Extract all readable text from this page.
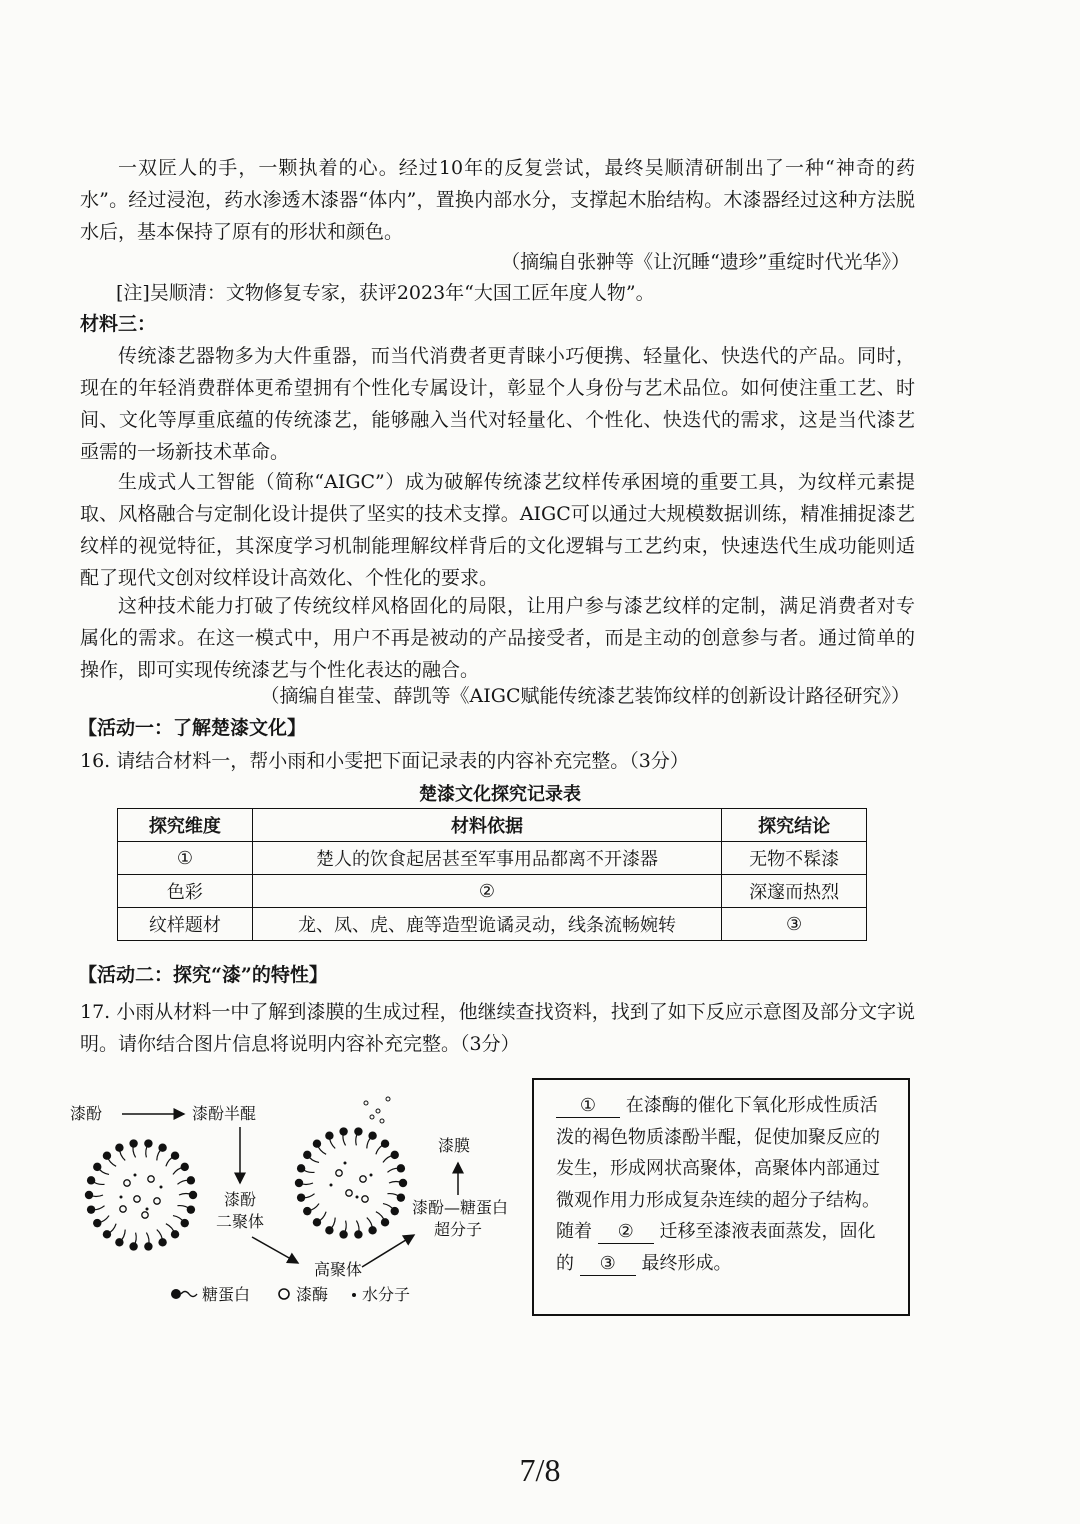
一双匠人的手，一颗执着的心。经过10年的反复尝试，最终吴顺清研制出了一种“神奇的药水”。经过浸泡，药水渗透木漆器“体内”，置换内部水分，支撑起木胎结构。木漆器经过这种方法脱水后，基本保持了原有的形状和颜色。

（摘编自张翀等《让沉睡“遗珍”重绽时代光华》）

[注]吴顺清：文物修复专家，获评2023年“大国工匠年度人物”。

材料三：

传统漆艺器物多为大件重器，而当代消费者更青睐小巧便携、轻量化、快迭代的产品。同时，现在的年轻消费群体更希望拥有个性化专属设计，彰显个人身份与艺术品位。如何使注重工艺、时间、文化等厚重底蕴的传统漆艺，能够融入当代对轻量化、个性化、快迭代的需求，这是当代漆艺亟需的一场新技术革命。

生成式人工智能（简称“AIGC”）成为破解传统漆艺纹样传承困境的重要工具，为纹样元素提取、风格融合与定制化设计提供了坚实的技术支撑。AIGC可以通过大规模数据训练，精准捕捉漆艺纹样的视觉特征，其深度学习机制能理解纹样背后的文化逻辑与工艺约束，快速迭代生成功能则适配了现代文创对纹样设计高效化、个性化的要求。

这种技术能力打破了传统纹样风格固化的局限，让用户参与漆艺纹样的定制，满足消费者对专属化的需求。在这一模式中，用户不再是被动的产品接受者，而是主动的创意参与者。通过简单的操作，即可实现传统漆艺与个性化表达的融合。

（摘编自崔莹、薛凯等《AIGC赋能传统漆艺装饰纹样的创新设计路径研究》）

【活动一：了解楚漆文化】

16. 请结合材料一，帮小雨和小雯把下面记录表的内容补充完整。（3分）

楚漆文化探究记录表

探究维度	材料依据	探究结论
①	楚人的饮食起居甚至军事用品都离不开漆器	无物不髹漆
色彩	②	深邃而热烈
纹样题材	龙、凤、虎、鹿等造型诡谲灵动，线条流畅婉转	③

【活动二：探究“漆”的特性】

17. 小雨从材料一中了解到漆膜的生成过程，他继续查找资料，找到了如下反应示意图及部分文字说明。请你结合图片信息将说明内容补充完整。（3分）

漆酚	漆酚半醌
漆酚
二聚体
高聚体
漆酚—糖蛋白
超分子
漆膜
糖蛋白	漆酶 水分子
① 在漆酶的催化下氧化形成性质活泼的褐色物质漆酚半醌，促使加聚反应的发生，形成网状高聚体，高聚体内部通过微观作用力形成复杂连续的超分子结构。随着 ② 迁移至漆液表面蒸发，固化的 ③ 最终形成。
7/8
